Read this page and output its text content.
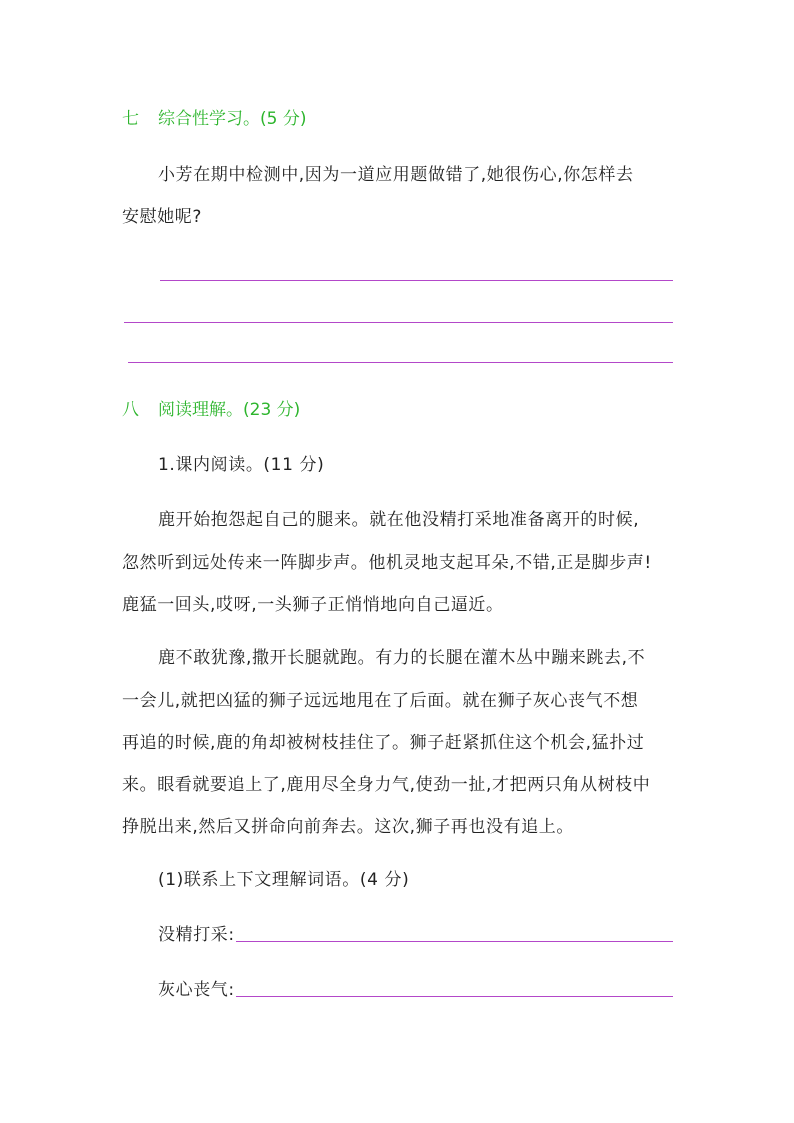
七 综合性学习。(5 分)
小芳在期中检测中,因为一道应用题做错了,她很伤心,你怎样去
安慰她呢?
八 阅读理解。(23 分)
1.课内阅读。(11 分)
鹿开始抱怨起自己的腿来。就在他没精打采地准备离开的时候,
忽然听到远处传来一阵脚步声。他机灵地支起耳朵,不错,正是脚步声!
鹿猛一回头,哎呀,一头狮子正悄悄地向自己逼近。
鹿不敢犹豫,撒开长腿就跑。有力的长腿在灌木丛中蹦来跳去,不
一会儿,就把凶猛的狮子远远地甩在了后面。就在狮子灰心丧气不想
再追的时候,鹿的角却被树枝挂住了。狮子赶紧抓住这个机会,猛扑过
来。眼看就要追上了,鹿用尽全身力气,使劲一扯,才把两只角从树枝中
挣脱出来,然后又拼命向前奔去。这次,狮子再也没有追上。
(1)联系上下文理解词语。(4 分)
没精打采:
灰心丧气:
